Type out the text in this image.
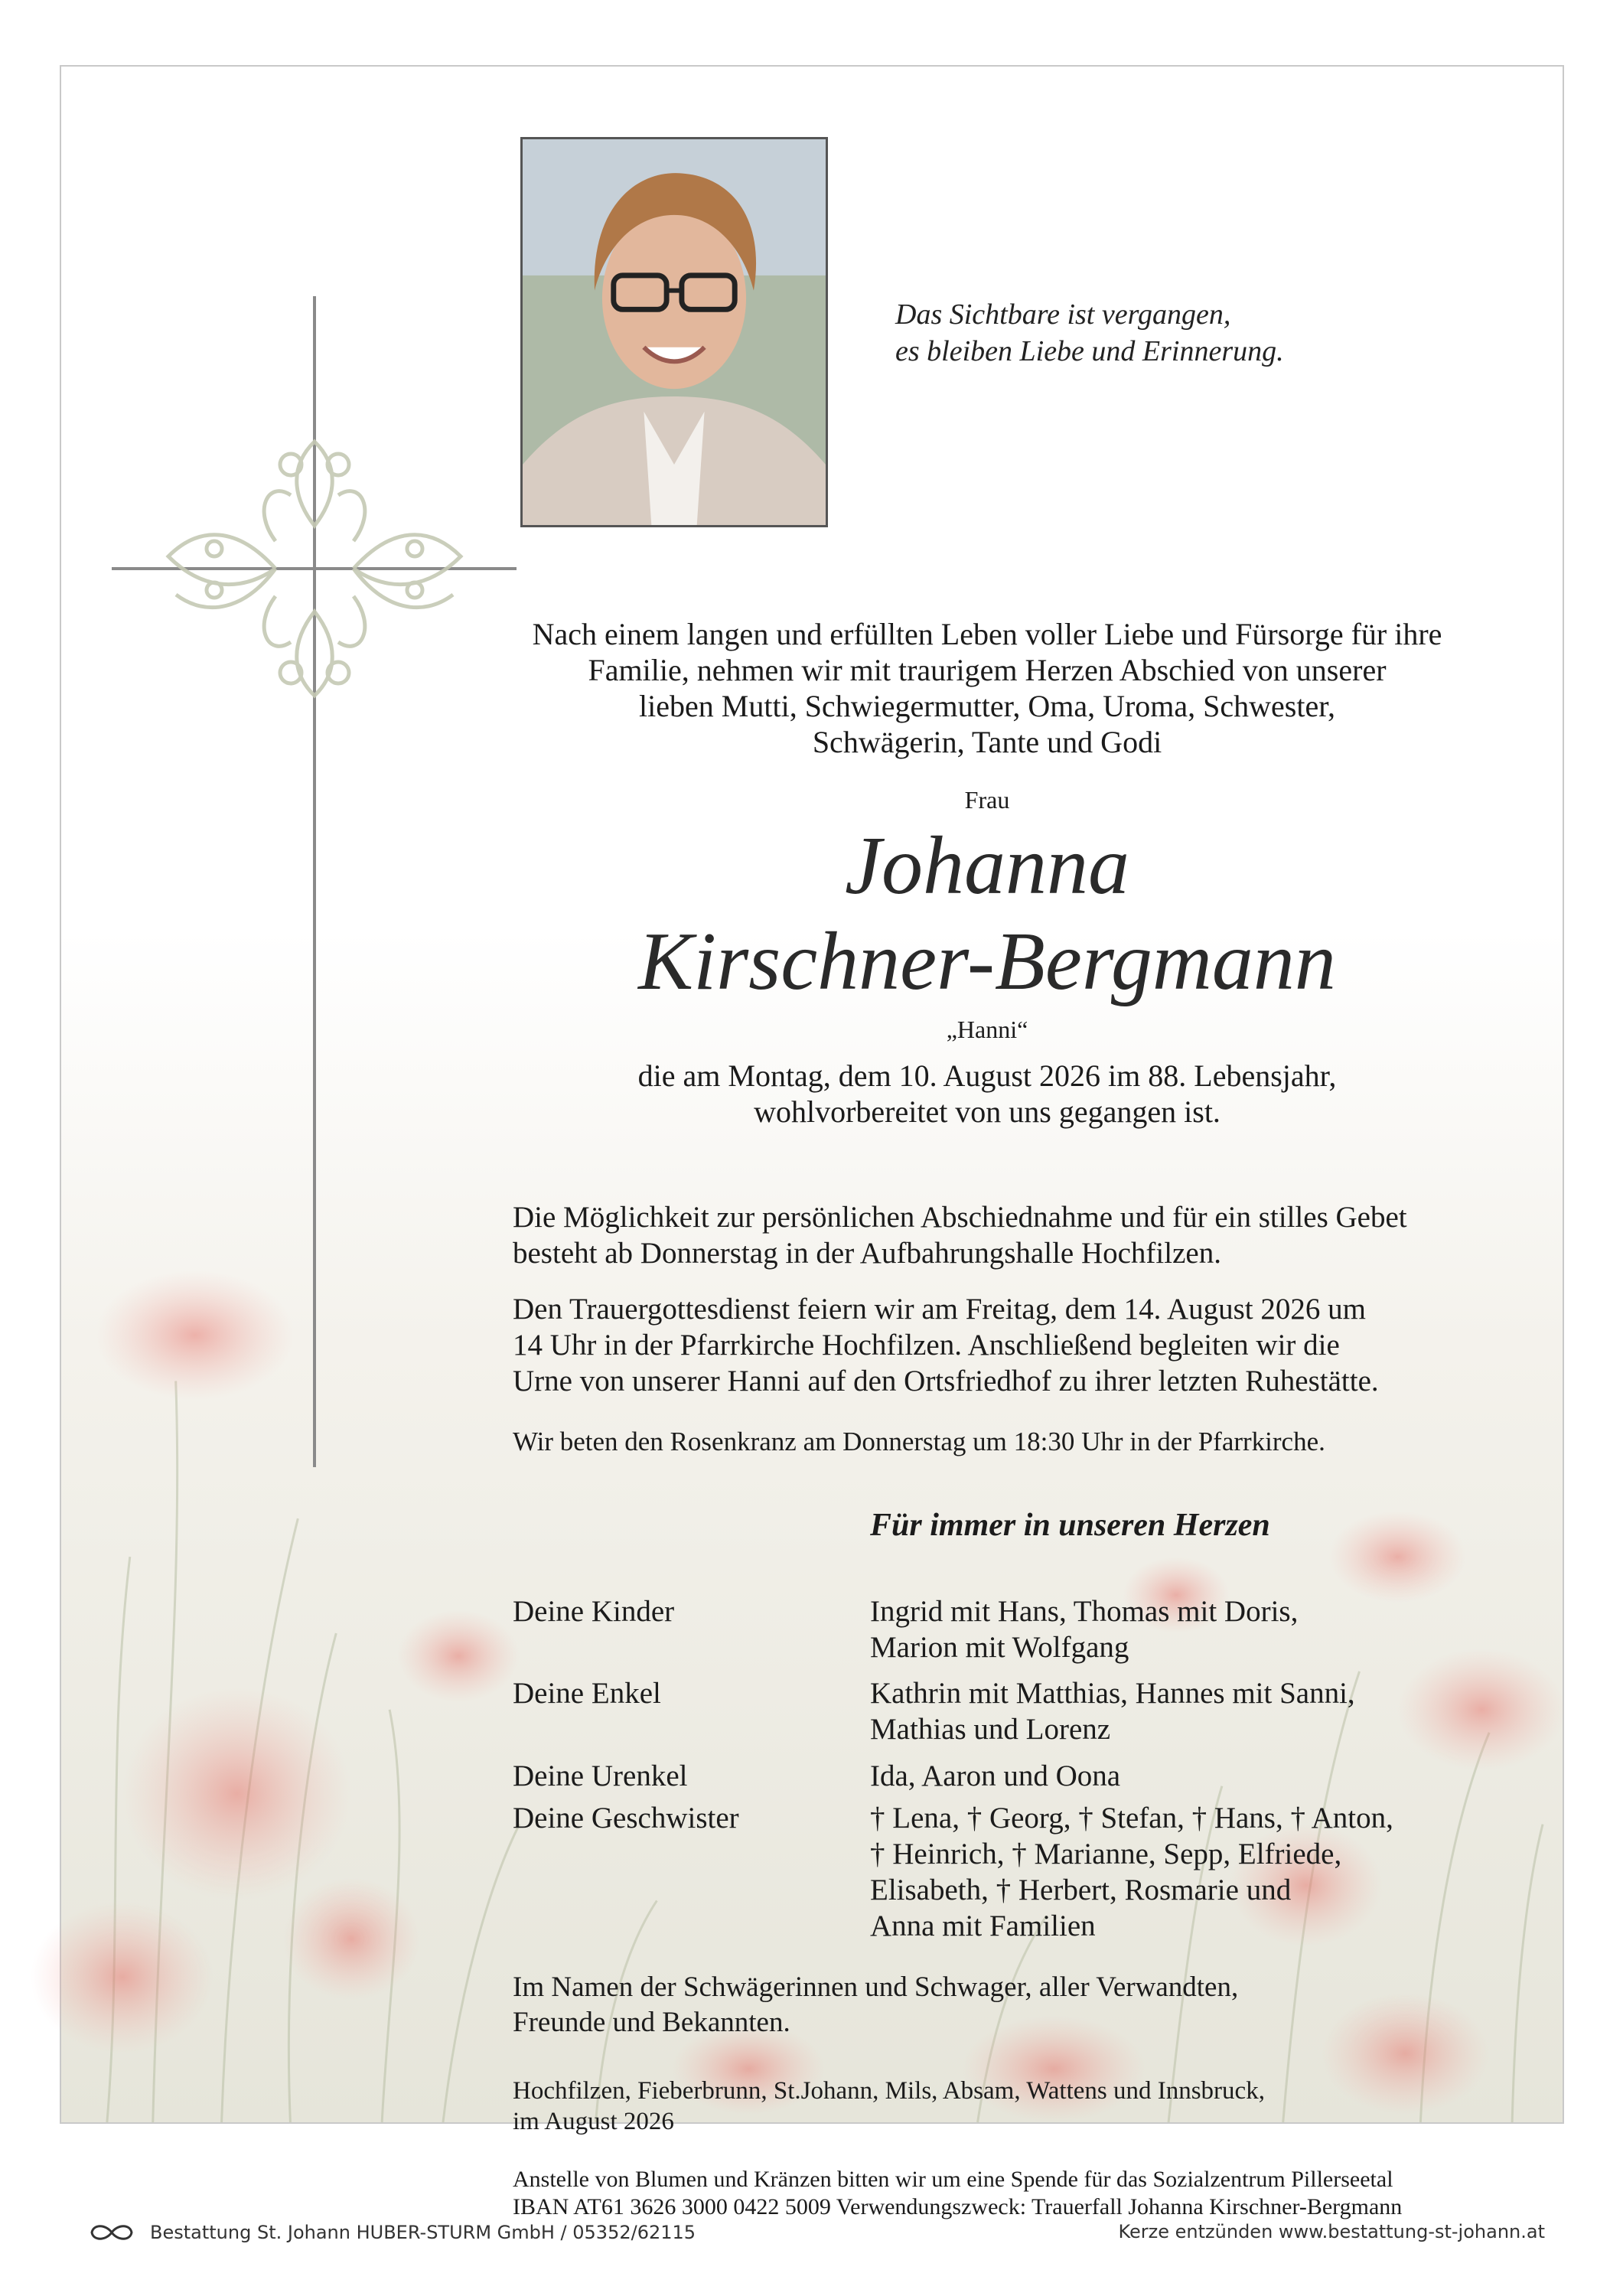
Das Sichtbare ist vergangen,
es bleiben Liebe und Erinnerung.
Nach einem langen und erfüllten Leben voller Liebe und Fürsorge für ihre
Familie, nehmen wir mit traurigem Herzen Abschied von unserer
lieben Mutti, Schwiegermutter, Oma, Uroma, Schwester,
Schwägerin, Tante und Godi
Frau
Johanna
Kirschner-Bergmann
„Hanni“
die am Montag, dem 10. August 2026 im 88. Lebensjahr,
wohlvorbereitet von uns gegangen ist.
Die Möglichkeit zur persönlichen Abschiednahme und für ein stilles Gebet
besteht ab Donnerstag in der Aufbahrungshalle Hochfilzen.
Den Trauergottesdienst feiern wir am Freitag, dem 14. August 2026 um
14 Uhr in der Pfarrkirche Hochfilzen. Anschließend begleiten wir die
Urne von unserer Hanni auf den Ortsfriedhof zu ihrer letzten Ruhestätte.
Wir beten den Rosenkranz am Donnerstag um 18:30 Uhr in der Pfarrkirche.
Für immer in unseren Herzen
Deine Kinder	Ingrid mit Hans, Thomas mit Doris,
Marion mit Wolfgang
Deine Enkel	Kathrin mit Matthias, Hannes mit Sanni,
Mathias und Lorenz
Deine Urenkel	Ida, Aaron und Oona
Deine Geschwister	† Lena, † Georg, † Stefan, † Hans, † Anton,
† Heinrich, † Marianne, Sepp, Elfriede,
Elisabeth, † Herbert, Rosmarie und
Anna mit Familien
Im Namen der Schwägerinnen und Schwager, aller Verwandten,
Freunde und Bekannten.
Hochfilzen, Fieberbrunn, St.Johann, Mils, Absam, Wattens und Innsbruck,
im August 2026
Anstelle von Blumen und Kränzen bitten wir um eine Spende für das Sozialzentrum Pillerseetal
IBAN AT61 3626 3000 0422 5009 Verwendungszweck: Trauerfall Johanna Kirschner-Bergmann
Bestattung St. Johann HUBER-STURM GmbH / 05352/62115	Kerze entzünden www.bestattung-st-johann.at
